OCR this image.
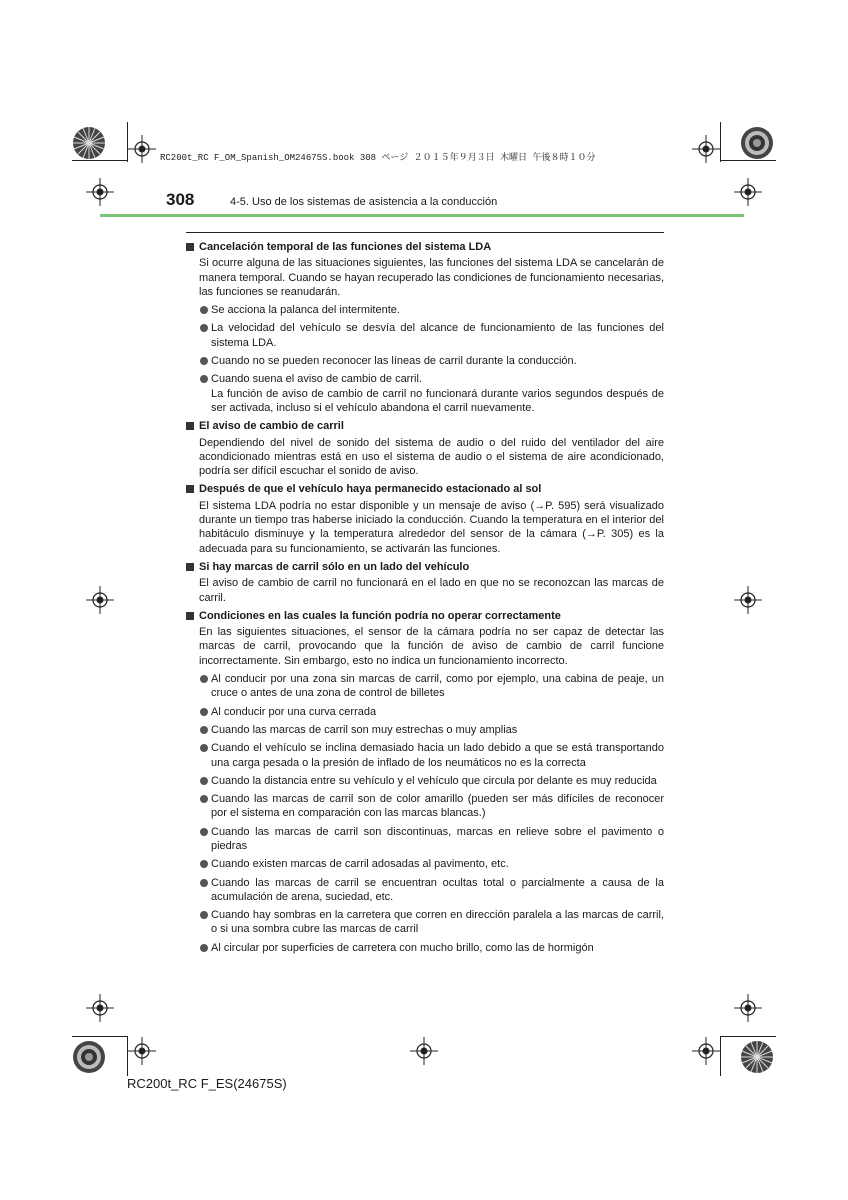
RC200t_RC F_OM_Spanish_OM24675S.book 308 ページ ２０１５年９月３日 木曜日 午後８時１０分
308	4-5. Uso de los sistemas de asistencia a la conducción
Cancelación temporal de las funciones del sistema LDA
Si ocurre alguna de las situaciones siguientes, las funciones del sistema LDA se cancelarán de manera temporal. Cuando se hayan recuperado las condiciones de funcionamiento necesarias, las funciones se reanudarán.
Se acciona la palanca del intermitente.
La velocidad del vehículo se desvía del alcance de funcionamiento de las funciones del sistema LDA.
Cuando no se pueden reconocer las líneas de carril durante la conducción.
Cuando suena el aviso de cambio de carril.
La función de aviso de cambio de carril no funcionará durante varios segundos después de ser activada, incluso si el vehículo abandona el carril nuevamente.
El aviso de cambio de carril
Dependiendo del nivel de sonido del sistema de audio o del ruido del ventilador del aire acondicionado mientras está en uso el sistema de audio o el sistema de aire acondicionado, podría ser difícil escuchar el sonido de aviso.
Después de que el vehículo haya permanecido estacionado al sol
El sistema LDA podría no estar disponible y un mensaje de aviso (→P. 595) será visualizado durante un tiempo tras haberse iniciado la conducción. Cuando la temperatura en el interior del habitáculo disminuye y la temperatura alrededor del sensor de la cámara (→P. 305) es la adecuada para su funcionamiento, se activarán las funciones.
Si hay marcas de carril sólo en un lado del vehículo
El aviso de cambio de carril no funcionará en el lado en que no se reconozcan las marcas de carril.
Condiciones en las cuales la función podría no operar correctamente
En las siguientes situaciones, el sensor de la cámara podría no ser capaz de detectar las marcas de carril, provocando que la función de aviso de cambio de carril funcione incorrectamente. Sin embargo, esto no indica un funcionamiento incorrecto.
Al conducir por una zona sin marcas de carril, como por ejemplo, una cabina de peaje, un cruce o antes de una zona de control de billetes
Al conducir por una curva cerrada
Cuando las marcas de carril son muy estrechas o muy amplias
Cuando el vehículo se inclina demasiado hacia un lado debido a que se está transportando una carga pesada o la presión de inflado de los neumáticos no es la correcta
Cuando la distancia entre su vehículo y el vehículo que circula por delante es muy reducida
Cuando las marcas de carril son de color amarillo (pueden ser más difíciles de reconocer por el sistema en comparación con las marcas blancas.)
Cuando las marcas de carril son discontinuas, marcas en relieve sobre el pavimento o piedras
Cuando existen marcas de carril adosadas al pavimento, etc.
Cuando las marcas de carril se encuentran ocultas total o parcialmente a causa de la acumulación de arena, suciedad, etc.
Cuando hay sombras en la carretera que corren en dirección paralela a las marcas de carril, o si una sombra cubre las marcas de carril
Al circular por superficies de carretera con mucho brillo, como las de hormigón
RC200t_RC F_ES(24675S)
